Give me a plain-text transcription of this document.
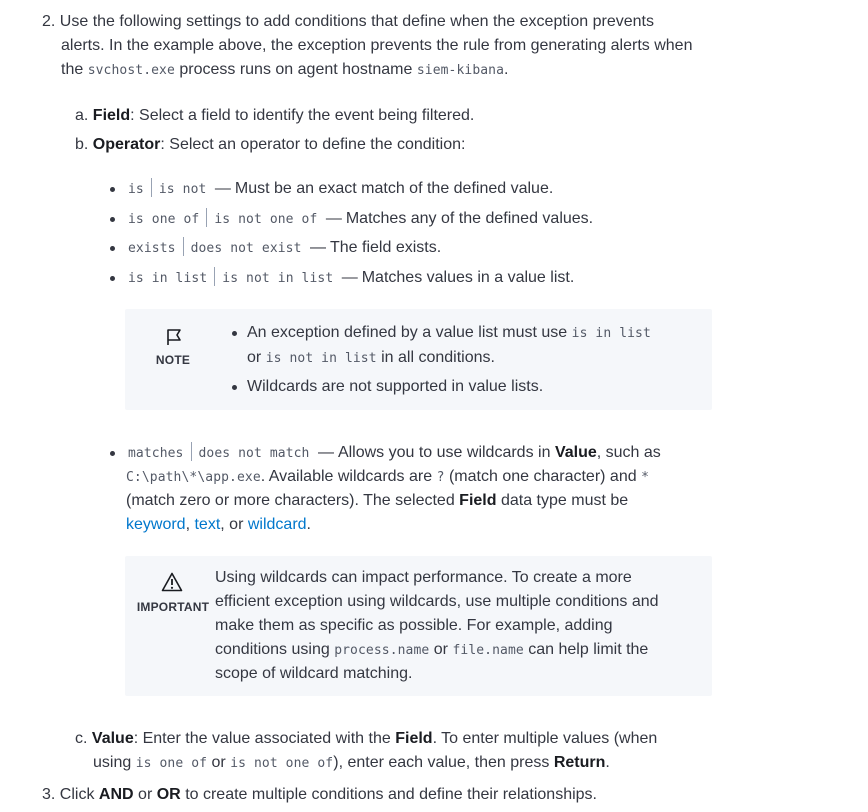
2. Use the following settings to add conditions that define when the exception prevents
alerts. In the example above, the exception prevents the rule from generating alerts when
the svchost.exe process runs on agent hostname siem-kibana.
a. Field: Select a field to identify the event being filtered.
b. Operator: Select an operator to define the condition:
is is not — Must be an exact match of the defined value.
is one of is not one of — Matches any of the defined values.
exists does not exist — The field exists.
is in list is not in list — Matches values in a value list.
NOTE
An exception defined by a value list must use is in list
or is not in list in all conditions.
Wildcards are not supported in value lists.
matches does not match — Allows you to use wildcards in Value, such as
C:\path\*\app.exe. Available wildcards are ? (match one character) and *
(match zero or more characters). The selected Field data type must be
keyword, text, or wildcard.
IMPORTANT
Using wildcards can impact performance. To create a more
efficient exception using wildcards, use multiple conditions and
make them as specific as possible. For example, adding
conditions using process.name or file.name can help limit the
scope of wildcard matching.
c. Value: Enter the value associated with the Field. To enter multiple values (when
using is one of or is not one of), enter each value, then press Return.
3. Click AND or OR to create multiple conditions and define their relationships.
